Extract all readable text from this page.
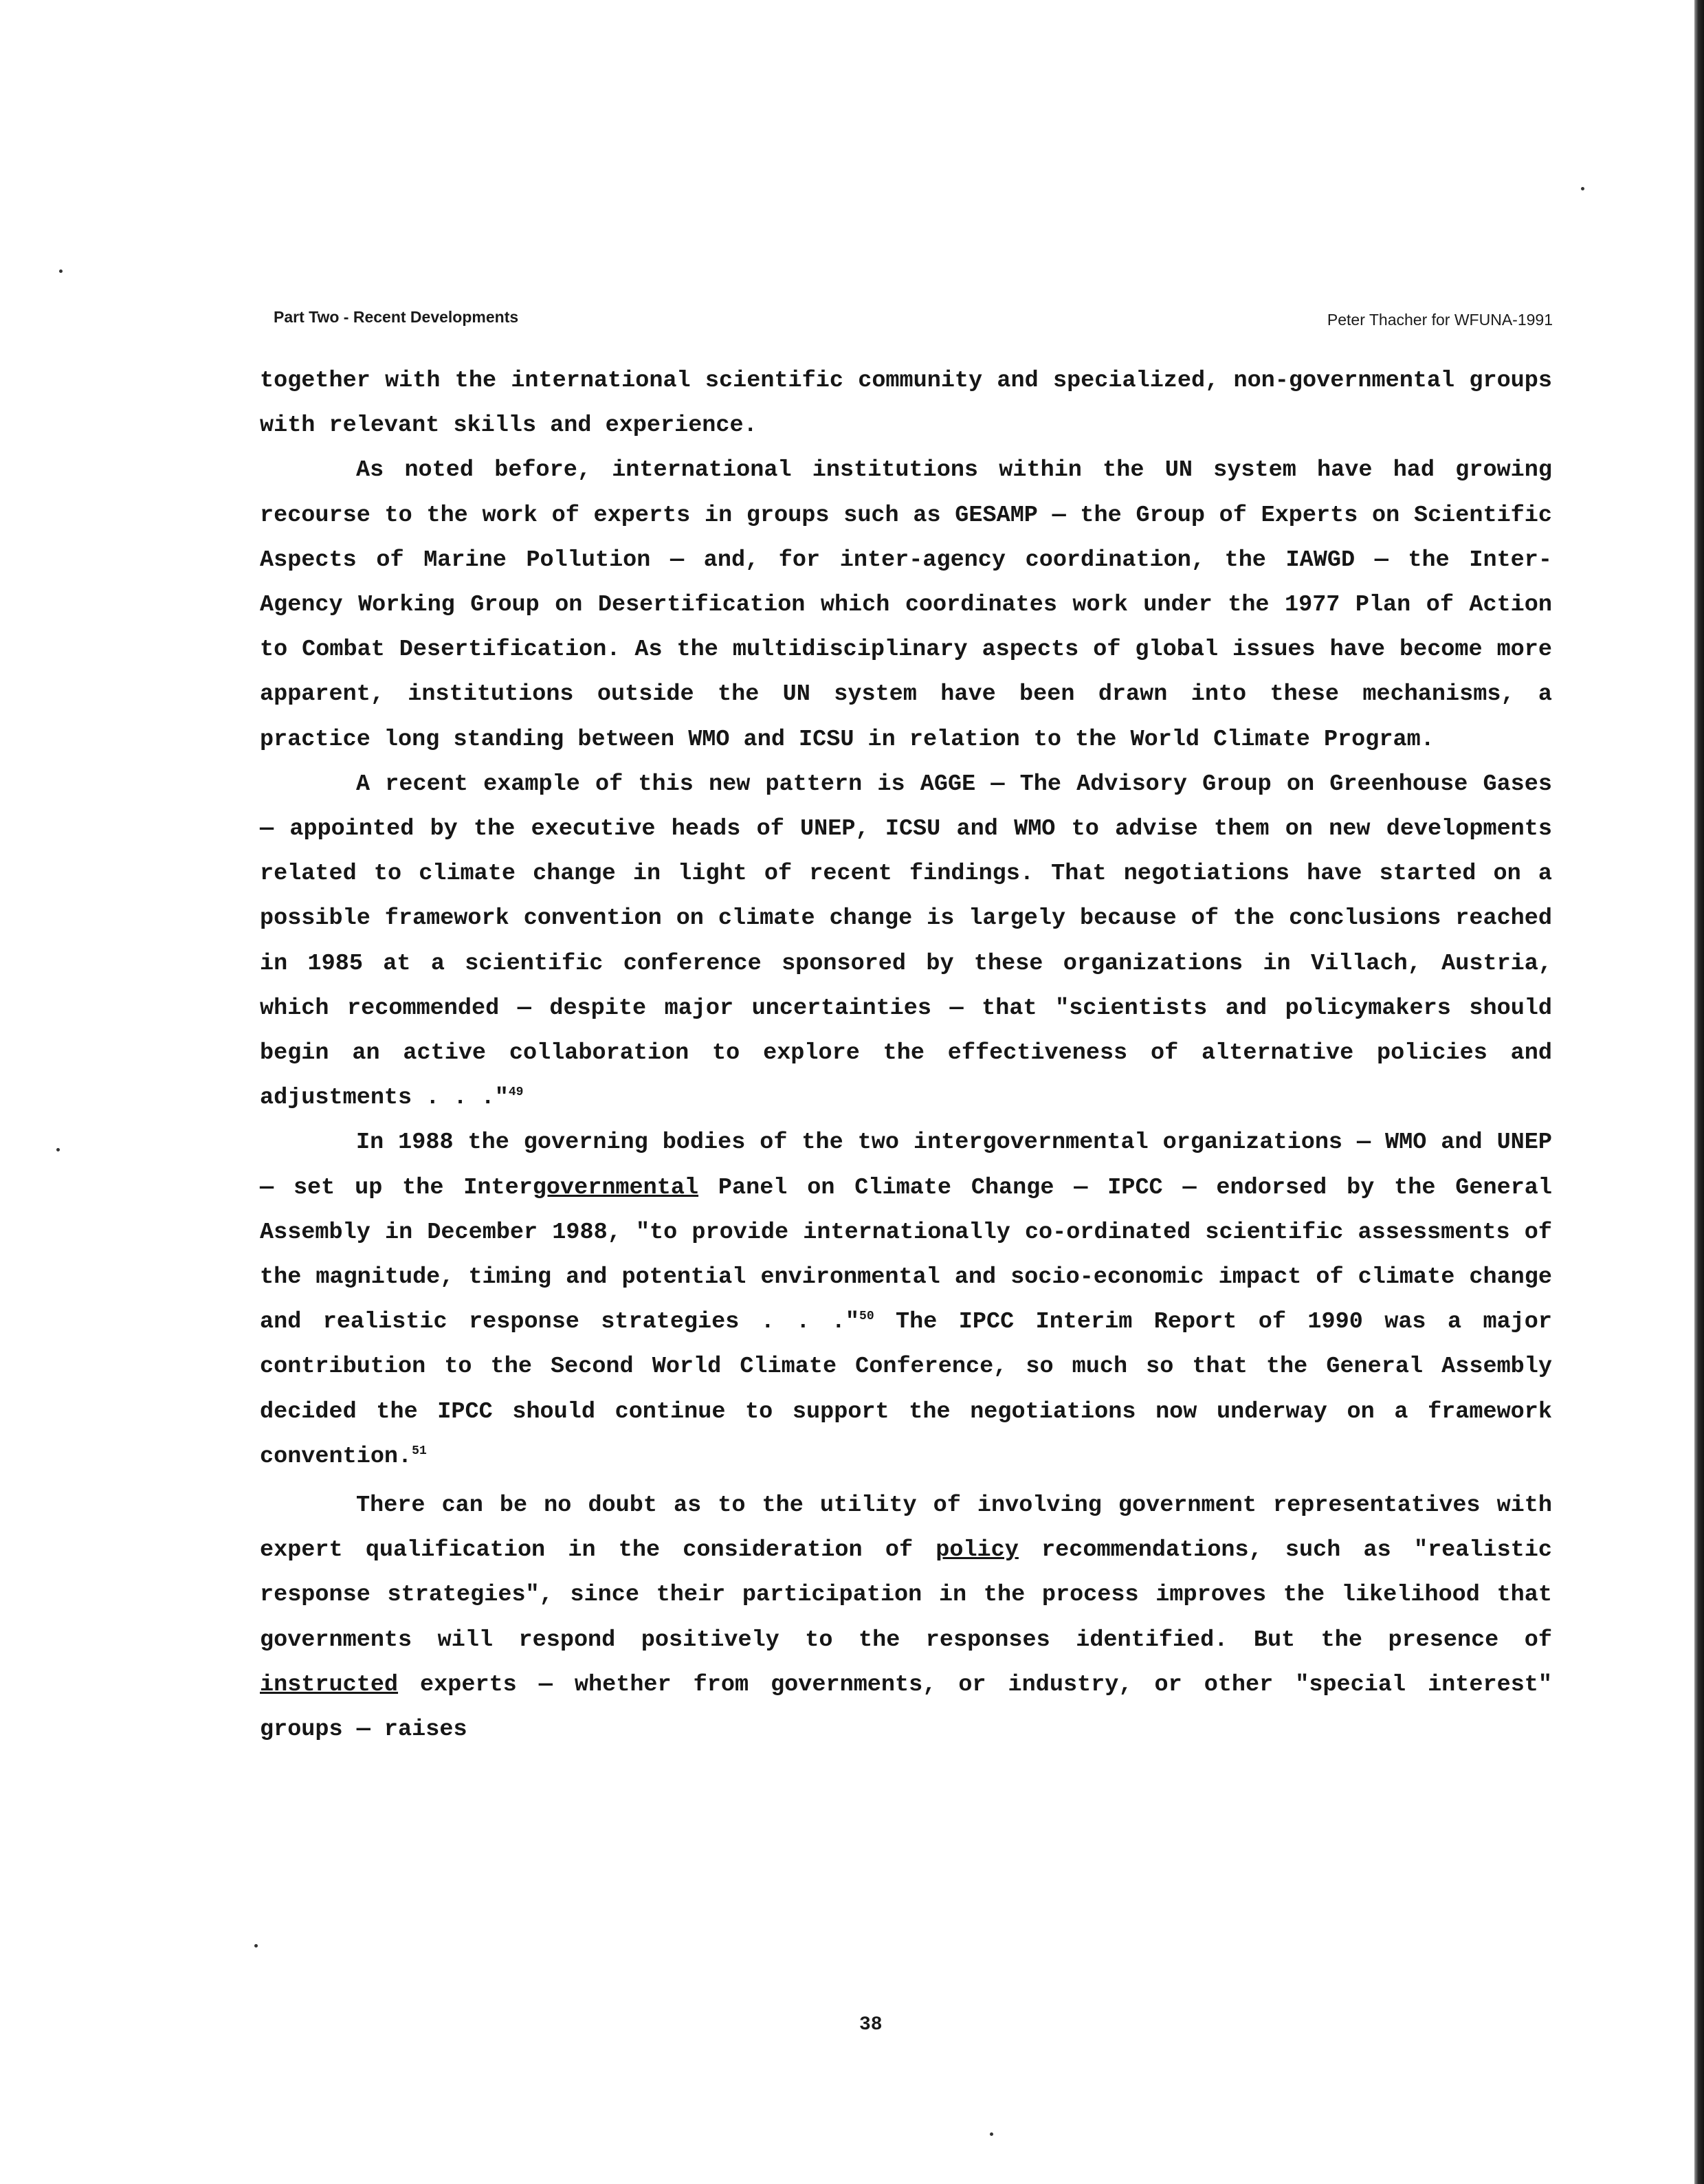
Part Two - Recent Developments	Peter Thacher for WFUNA-1991

together with the international scientific community and specialized, non-governmental groups with relevant skills and experience.

As noted before, international institutions within the UN system have had growing recourse to the work of experts in groups such as GESAMP — the Group of Experts on Scientific Aspects of Marine Pollution — and, for inter-agency coordination, the IAWGD — the Inter-Agency Working Group on Desertification which coordinates work under the 1977 Plan of Action to Combat Desertification. As the multidisciplinary aspects of global issues have become more apparent, institutions outside the UN system have been drawn into these mechanisms, a practice long standing between WMO and ICSU in relation to the World Climate Program.

A recent example of this new pattern is AGGE — The Advisory Group on Greenhouse Gases — appointed by the executive heads of UNEP, ICSU and WMO to advise them on new developments related to climate change in light of recent findings. That negotiations have started on a possible framework convention on climate change is largely because of the conclusions reached in 1985 at a scientific conference sponsored by these organizations in Villach, Austria, which recommended — despite major uncertainties — that "scientists and policymakers should begin an active collaboration to explore the effectiveness of alternative policies and adjustments . . ."$^{49}$

In 1988 the governing bodies of the two intergovernmental organizations — WMO and UNEP — set up the Intergovernmental Panel on Climate Change — IPCC — endorsed by the General Assembly in December 1988, "to provide internationally co-ordinated scientific assessments of the magnitude, timing and potential environmental and socio-economic impact of climate change and realistic response strategies . . ."$^{50}$ The IPCC Interim Report of 1990 was a major contribution to the Second World Climate Conference, so much so that the General Assembly decided the IPCC should continue to support the negotiations now underway on a framework convention.$^{51}$

There can be no doubt as to the utility of involving government representatives with expert qualification in the consideration of policy recommendations, such as "realistic response strategies", since their participation in the process improves the likelihood that governments will respond positively to the responses identified. But the presence of instructed experts — whether from governments, or industry, or other "special interest" groups — raises

38
